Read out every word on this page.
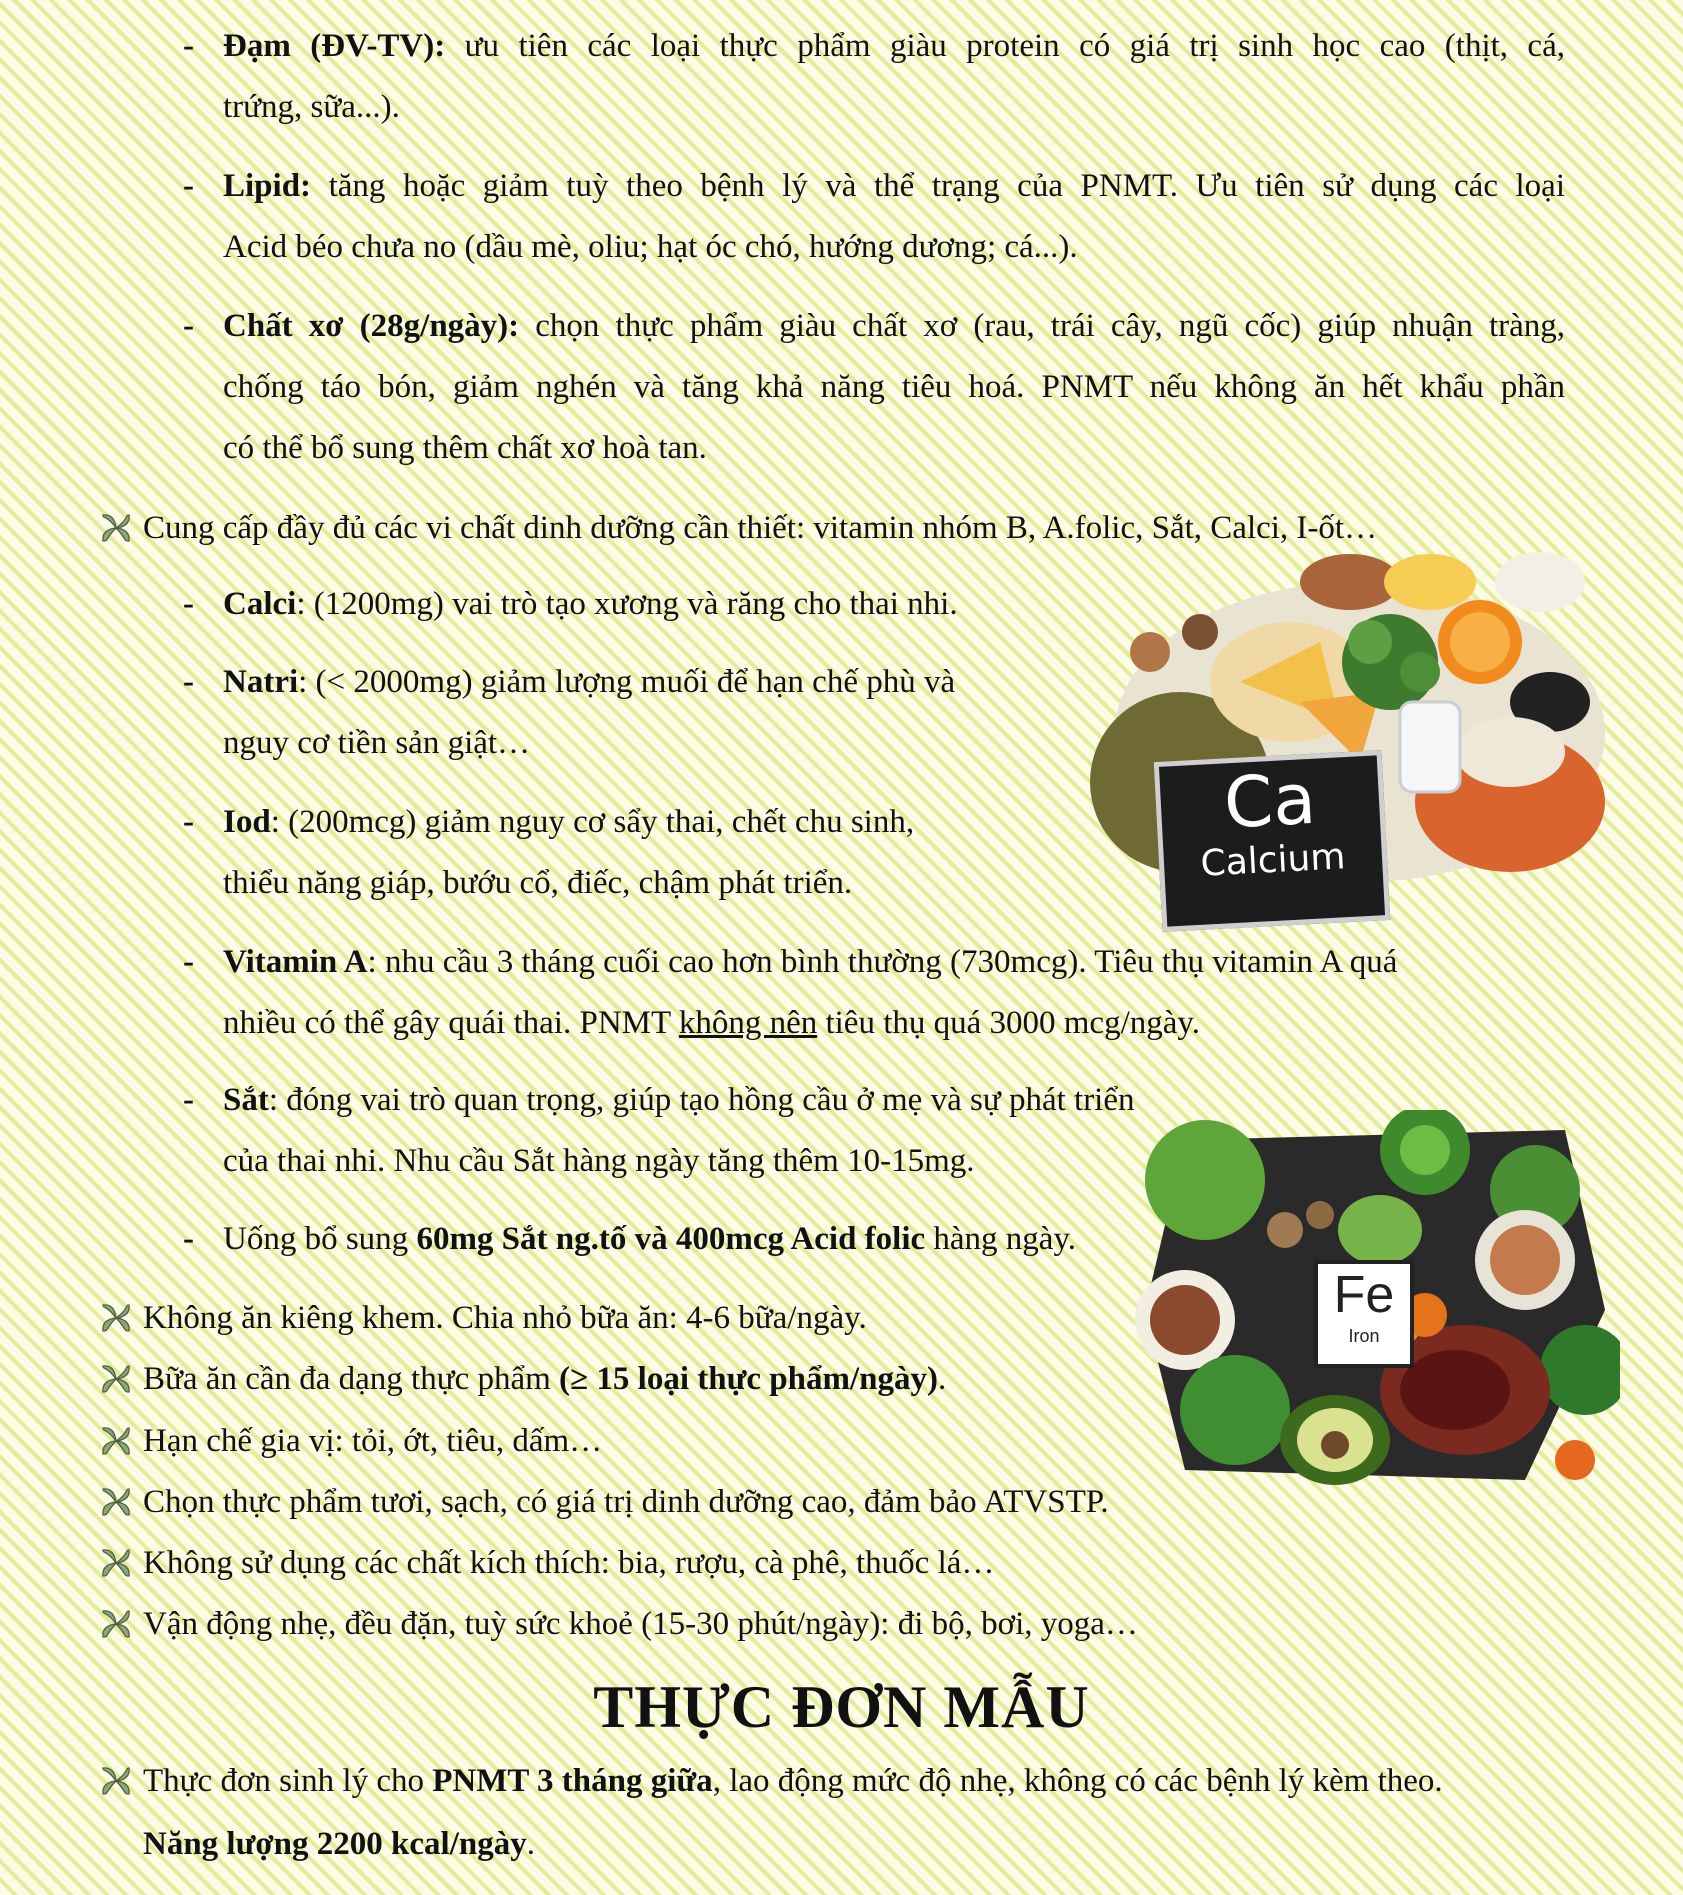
- Đạm (ĐV-TV): ưu tiên các loại thực phẩm giàu protein có giá trị sinh học cao (thịt, cá,
trứng, sữa...).
- Lipid: tăng hoặc giảm tuỳ theo bệnh lý và thể trạng của PNMT. Ưu tiên sử dụng các loại
Acid béo chưa no (dầu mè, oliu; hạt óc chó, hướng dương; cá...).
- Chất xơ (28g/ngày): chọn thực phẩm giàu chất xơ (rau, trái cây, ngũ cốc) giúp nhuận tràng,
chống táo bón, giảm nghén và tăng khả năng tiêu hoá. PNMT nếu không ăn hết khẩu phần
có thể bổ sung thêm chất xơ hoà tan.
Cung cấp đầy đủ các vi chất dinh dưỡng cần thiết: vitamin nhóm B, A.folic, Sắt, Calci, I-ốt…
Ca
Calcium
- Calci: (1200mg) vai trò tạo xương và răng cho thai nhi.
- Natri: (< 2000mg) giảm lượng muối để hạn chế phù và
nguy cơ tiền sản giật…
- Iod: (200mcg) giảm nguy cơ sẩy thai, chết chu sinh,
thiểu năng giáp, bướu cổ, điếc, chậm phát triển.
- Vitamin A: nhu cầu 3 tháng cuối cao hơn bình thường (730mcg). Tiêu thụ vitamin A quá
nhiều có thể gây quái thai. PNMT không nên tiêu thụ quá 3000 mcg/ngày.
Fe
Iron
- Sắt: đóng vai trò quan trọng, giúp tạo hồng cầu ở mẹ và sự phát triển
của thai nhi. Nhu cầu Sắt hàng ngày tăng thêm 10-15mg.
- Uống bổ sung 60mg Sắt ng.tố và 400mcg Acid folic hàng ngày.
Không ăn kiêng khem. Chia nhỏ bữa ăn: 4-6 bữa/ngày.
Bữa ăn cần đa dạng thực phẩm (≥ 15 loại thực phẩm/ngày).
Hạn chế gia vị: tỏi, ớt, tiêu, dấm…
Chọn thực phẩm tươi, sạch, có giá trị dinh dưỡng cao, đảm bảo ATVSTP.
Không sử dụng các chất kích thích: bia, rượu, cà phê, thuốc lá…
Vận động nhẹ, đều đặn, tuỳ sức khoẻ (15-30 phút/ngày): đi bộ, bơi, yoga…
THỰC ĐƠN MẪU
Thực đơn sinh lý cho PNMT 3 tháng giữa, lao động mức độ nhẹ, không có các bệnh lý kèm theo.
Năng lượng 2200 kcal/ngày.
